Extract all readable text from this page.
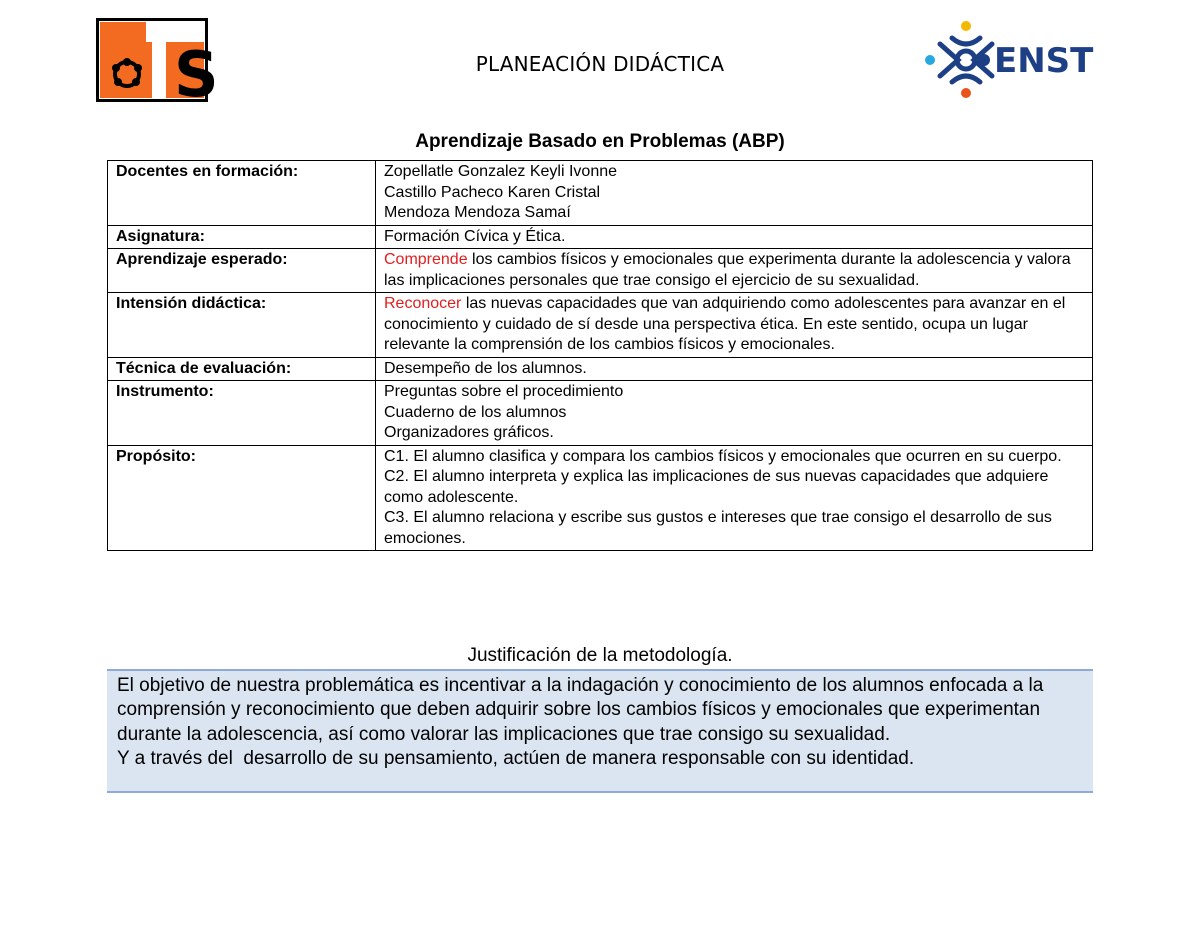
S	ENST
PLANEACIÓN DIDÁCTICA
Aprendizaje Basado en Problemas (ABP)
Docentes en formación:	Zopellatle Gonzalez Keyli Ivonne
Castillo Pacheco Karen Cristal
Mendoza Mendoza Samaí

Asignatura:	Formación Cívica y Ética.
Aprendizaje esperado:	Comprende los cambios físicos y emocionales que experimenta durante la adolescencia y valora las implicaciones personales que trae consigo el ejercicio de su sexualidad.
Intensión didáctica:	Reconocer las nuevas capacidades que van adquiriendo como adolescentes para avanzar en el conocimiento y cuidado de sí desde una perspectiva ética. En este sentido, ocupa un lugar relevante la comprensión de los cambios físicos y emocionales.
Técnica de evaluación:	Desempeño de los alumnos.
Instrumento:	Preguntas sobre el procedimiento
Cuaderno de los alumnos
Organizadores gráficos.

Propósito:	C1. El alumno clasifica y compara los cambios físicos y emocionales que ocurren en su cuerpo.
C2. El alumno interpreta y explica las implicaciones de sus nuevas capacidades que adquiere como adolescente.
C3. El alumno relaciona y escribe sus gustos e intereses que trae consigo el desarrollo de sus emociones.
Justificación de la metodología.
El objetivo de nuestra problemática es incentivar a la indagación y conocimiento de los alumnos enfocada a la comprensión y reconocimiento que deben adquirir sobre los cambios físicos y emocionales que experimentan durante la adolescencia, así como valorar las implicaciones que trae consigo su sexualidad.
Y a través del  desarrollo de su pensamiento, actúen de manera responsable con su identidad.
